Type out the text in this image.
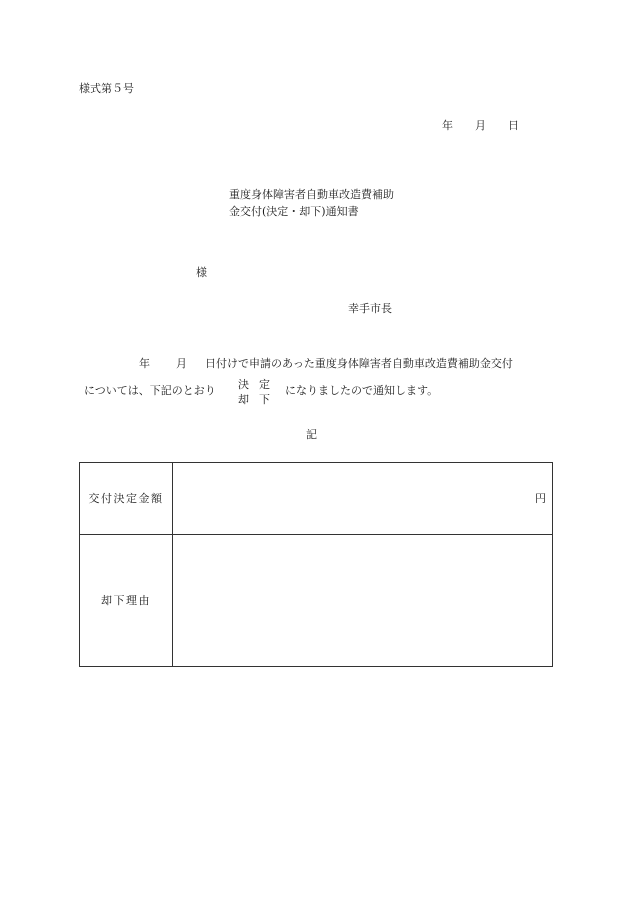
様式第５号
年 月 日
重度身体障害者自動車改造費補助
金交付(決定・却下)通知書
様
幸手市長
年 月 日付けで申請のあった重度身体障害者自動車改造費補助金交付
については、下記のとおり 決定
却下
になりましたので通知します。
記
交付決定金額	円
却下理由	
